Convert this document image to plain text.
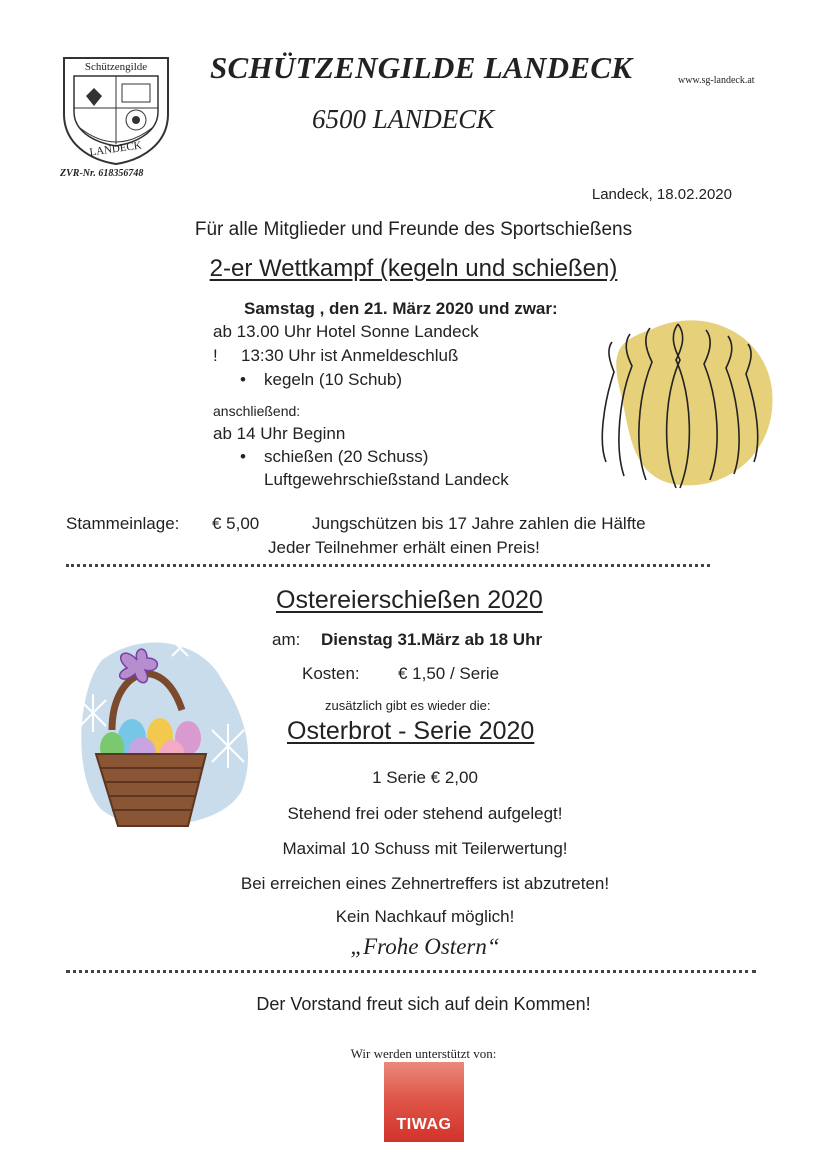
Schützengilde
LANDECK
ZVR-Nr. 618356748
SCHÜTZENGILDE LANDECK	www.sg-landeck.at
6500 LANDECK
Landeck, 18.02.2020
Für alle Mitglieder und Freunde des Sportschießens
2-er Wettkampf (kegeln und schießen)
Samstag , den 21. März 2020 und zwar:
ab 13.00 Uhr Hotel Sonne Landeck
! 13:30 Uhr ist Anmeldeschluß
• kegeln (10 Schub)
anschließend:
ab 14 Uhr Beginn
• schießen (20 Schuss)
Luftgewehrschießstand Landeck
Stammeinlage: € 5,00	Jungschützen bis 17 Jahre zahlen die Hälfte
Jeder Teilnehmer erhält einen Preis!
Ostereierschießen 2020
am: Dienstag 31.März ab 18 Uhr
Kosten: € 1,50 / Serie
zusätzlich gibt es wieder die:
Osterbrot - Serie 2020
1 Serie € 2,00
Stehend frei oder stehend aufgelegt!
Maximal 10 Schuss mit Teilerwertung!
Bei erreichen eines Zehnertreffers ist abzutreten!
Kein Nachkauf möglich!
„Frohe Ostern“
Der Vorstand freut sich auf dein Kommen!
Wir werden unterstützt von:
TIWAG
